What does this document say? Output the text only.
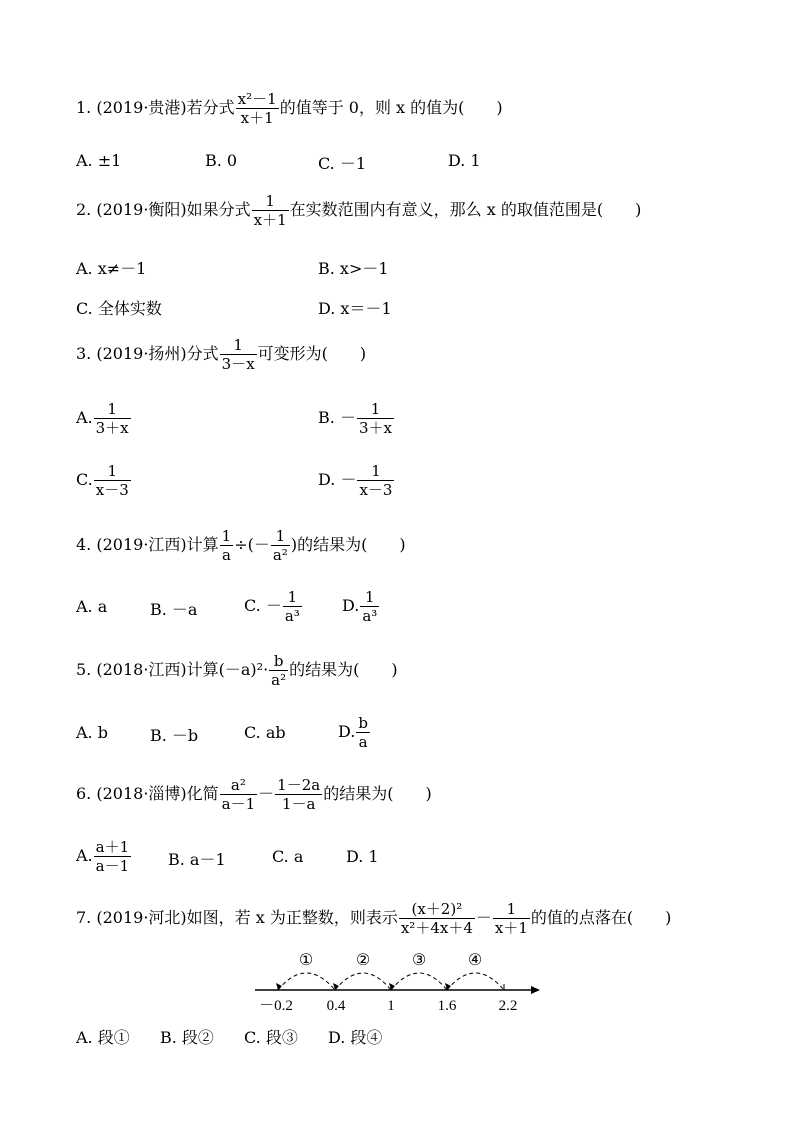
1. (2019·贵港)若分式 $\frac{\text{x²－1}}{x+1}$ 的值等于 0，则 x 的值为(　　)
A. ±1	B. 0	C. －1	D. 1
2. (2019·衡阳)如果分式 $\frac{1}{x+1}$ 在实数范围内有意义，那么 x 的取值范围是(　　)
A. x≠－1	B. x>－1
C. 全体实数	D. x＝－1
3. (2019·扬州)分式 $\frac{1}{3-x}$ 可变形为(　　)
A. $\frac{1}{3+x}$	B. － $\frac{1}{3+x}$
C. $\frac{1}{x-3}$	D. － $\frac{1}{x-3}$
4. (2019·江西)计算 $\frac{1}{a}$ ÷(－ $\frac{1}{\text{a²}}$ )的结果为(　　)
A. a	B. －a	C. － $\frac{1}{\text{a³}}$	D. $\frac{1}{\text{a³}}$
5. (2018·江西)计算$(-a)^2\cdot \frac{b}{\text{a²}}$ 的结果为(　　)
A. b	B. －b	C. ab	D. $\frac{b}{a}$
6. (2018·淄博)化简 $\frac{\text{a²}}{a-1} - \frac{1-2a}{1-a}$ 的结果为(　　)
A. $\frac{a+1}{a-1} B$. a－1	C. a	D. 1
7. (2019·河北)如图，若 x 为正整数，则表示 $\frac{\text{(x＋2)²}}{\text{x²＋4x＋4}} - \frac{1}{x+1}$ 的值的点落在(　　)
①	②	③	④
－0.2 0.4	1	1.6	2.2
A. 段① B. 段② C. 段③ D. 段④
